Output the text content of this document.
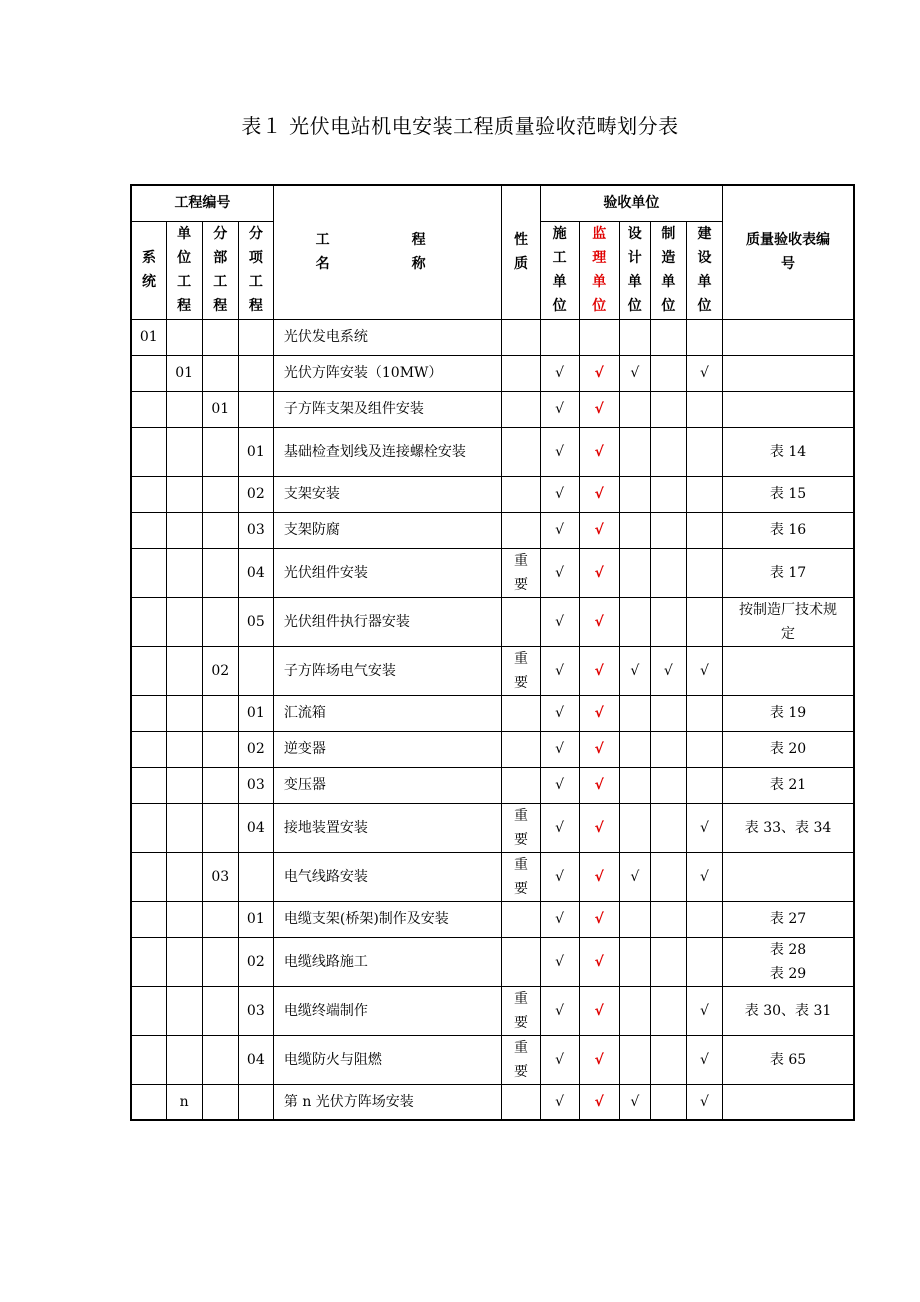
表１ 光伏电站机电安装工程质量验收范畴划分表
工程编号				工　程　名　称	性质	验收单位					质量验收表编号
系统	单位工程	分部工程	分项工程			施工单位	监理单位	设计单位	制造单位	建设单位	
01				光伏发电系统							
	01			光伏方阵安装（10MW）		√	√	√		√	
		01		子方阵支架及组件安装		√	√				
			01	基础检查划线及连接螺栓安装		√	√				表 14
			02	支架安装		√	√				表 15
			03	支架防腐		√	√				表 16
			04	光伏组件安装	重要	√	√				表 17
			05	光伏组件执行器安装		√	√				按制造厂技术规定
		02		子方阵场电气安装	重要	√	√	√	√	√	
			01	汇流箱		√	√				表 19
			02	逆变器		√	√				表 20
			03	变压器		√	√				表 21
			04	接地装置安装	重要	√	√			√	表 33、表 34
		03		电气线路安装	重要	√	√	√		√	
			01	电缆支架(桥架)制作及安装		√	√				表 27
			02	电缆线路施工		√	√				表 28
表 29
			03	电缆终端制作	重要	√	√			√	表 30、表 31
			04	电缆防火与阻燃	重要	√	√			√	表 65
	n			第 n 光伏方阵场安装		√	√	√		√	
